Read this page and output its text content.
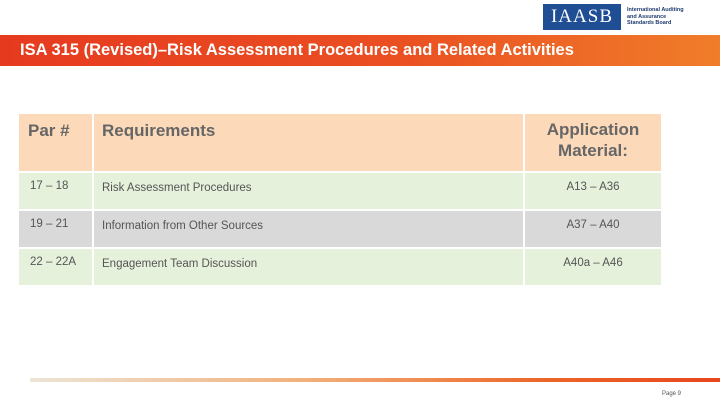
IAASB	International Auditing
and Assurance
Standards Board
ISA 315 (Revised)–Risk Assessment Procedures and Related Activities
Par #	Requirements	Application
Material:
17 – 18	Risk Assessment Procedures	A13 – A36
19 – 21	Information from Other Sources	A37 – A40
22 – 22A	Engagement Team Discussion	A40a – A46
Page 9
